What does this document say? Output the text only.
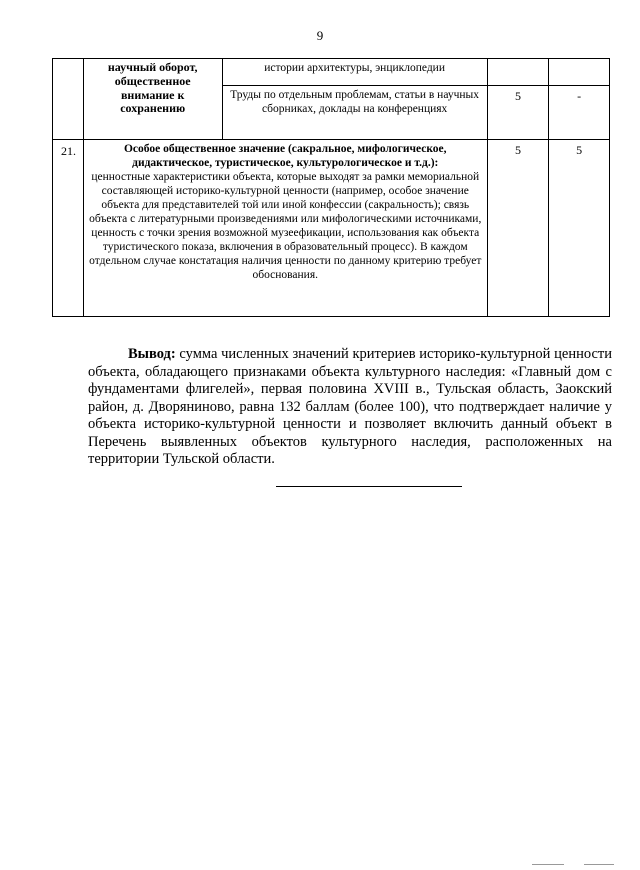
9
	научный оборот, общественное внимание к сохранению	истории архитектуры, энциклопедии		
		Труды по отдельным проблемам, статьи в научных сборниках, доклады на конференциях	5	-
21.	Особое общественное значение (сакральное, мифологическое, дидактическое, туристическое, культурологическое и т.д.):
ценностные характеристики объекта, которые выходят за рамки мемориальной составляющей историко-культурной ценности (например, особое значение объекта для представителей той или иной конфессии (сакральность); связь объекта с литературными произведениями или мифологическими источниками, ценность с точки зрения возможной музеефикации, использования как объекта туристического показа, включения в образовательный процесс). В каждом отдельном случае констатация наличия ценности по данному критерию требует обоснования.		5	5

Вывод: сумма численных значений критериев историко-культурной ценности объекта, обладающего признаками объекта культурного наследия: «Главный дом с фундаментами флигелей», первая половина XVIII в., Тульская область, Заокский район, д. Дворяниново, равна 132 баллам (более 100), что подтверждает наличие у объекта историко-культурной ценности и позволяет включить данный объект в Перечень выявленных объектов культурного наследия, расположенных на территории Тульской области.
